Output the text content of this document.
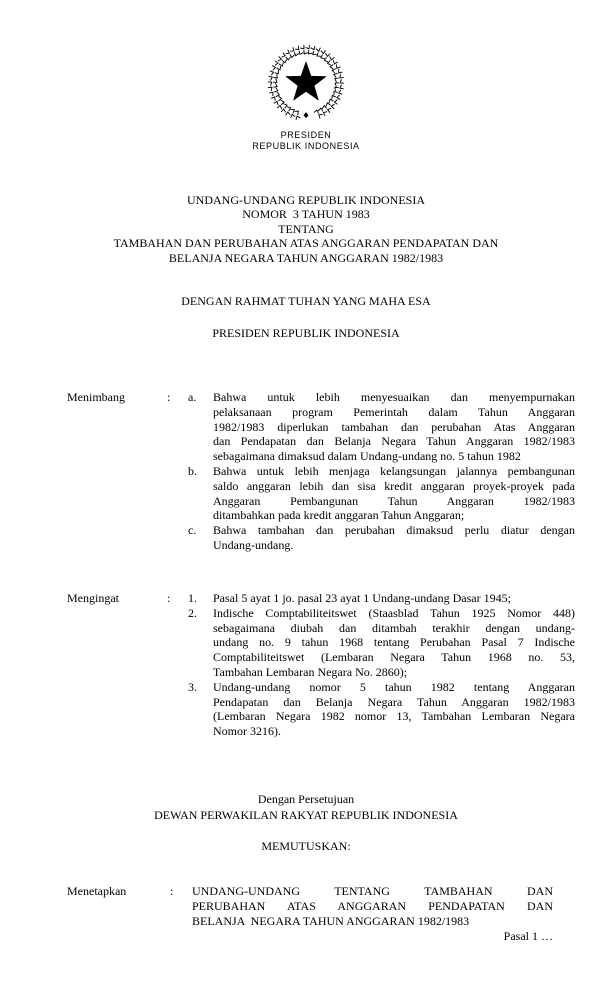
PRESIDEN
REPUBLIK INDONESIA
UNDANG-UNDANG REPUBLIK INDONESIA
NOMOR  3 TAHUN 1983
TENTANG
TAMBAHAN DAN PERUBAHAN ATAS ANGGARAN PENDAPATAN DAN
BELANJA NEGARA TAHUN ANGGARAN 1982/1983
DENGAN RAHMAT TUHAN YANG MAHA ESA
PRESIDEN REPUBLIK INDONESIA
Menimbang	: a. Bahwa untuk lebih menyesuaikan dan menyempurnakan
pelaksanaan program Pemerintah dalam Tahun Anggaran
1982/1983 diperlukan tambahan dan perubahan Atas Anggaran
dan Pendapatan dan Belanja Negara Tahun Anggaran 1982/1983
sebagaimana dimaksud dalam Undang-undang no. 5 tahun 1982
b. Bahwa untuk lebih menjaga kelangsungan jalannya pembangunan
saldo anggaran lebih dan sisa kredit anggaran proyek-proyek pada
Anggaran Pembangunan Tahun Anggaran 1982/1983
ditambahkan pada kredit anggaran Tahun Anggaran;
c. Bahwa tambahan dan perubahan dimaksud perlu diatur dengan
Undang-undang.
Mengingat	: 1. Pasal 5 ayat 1 jo. pasal 23 ayat 1 Undang-undang Dasar 1945;
2. Indische Comptabiliteitswet (Staasblad Tahun 1925 Nomor 448)
sebagaimana diubah dan ditambah terakhir dengan undang-
undang no. 9 tahun 1968 tentang Perubahan Pasal 7 Indische
Comptabiliteitswet (Lembaran Negara Tahun 1968 no. 53,
Tambahan Lembaran Negara No. 2860);
3. Undang-undang nomor 5 tahun 1982 tentang Anggaran
Pendapatan dan Belanja Negara Tahun Anggaran 1982/1983
(Lembaran Negara 1982 nomor 13, Tambahan Lembaran Negara
Nomor 3216).
Dengan Persetujuan
DEWAN PERWAKILAN RAKYAT REPUBLIK INDONESIA
MEMUTUSKAN:
Menetapkan	: UNDANG-UNDANG TENTANG TAMBAHAN DAN
PERUBAHAN ATAS ANGGARAN PENDAPATAN DAN
BELANJA  NEGARA TAHUN ANGGARAN 1982/1983
Pasal 1 …
